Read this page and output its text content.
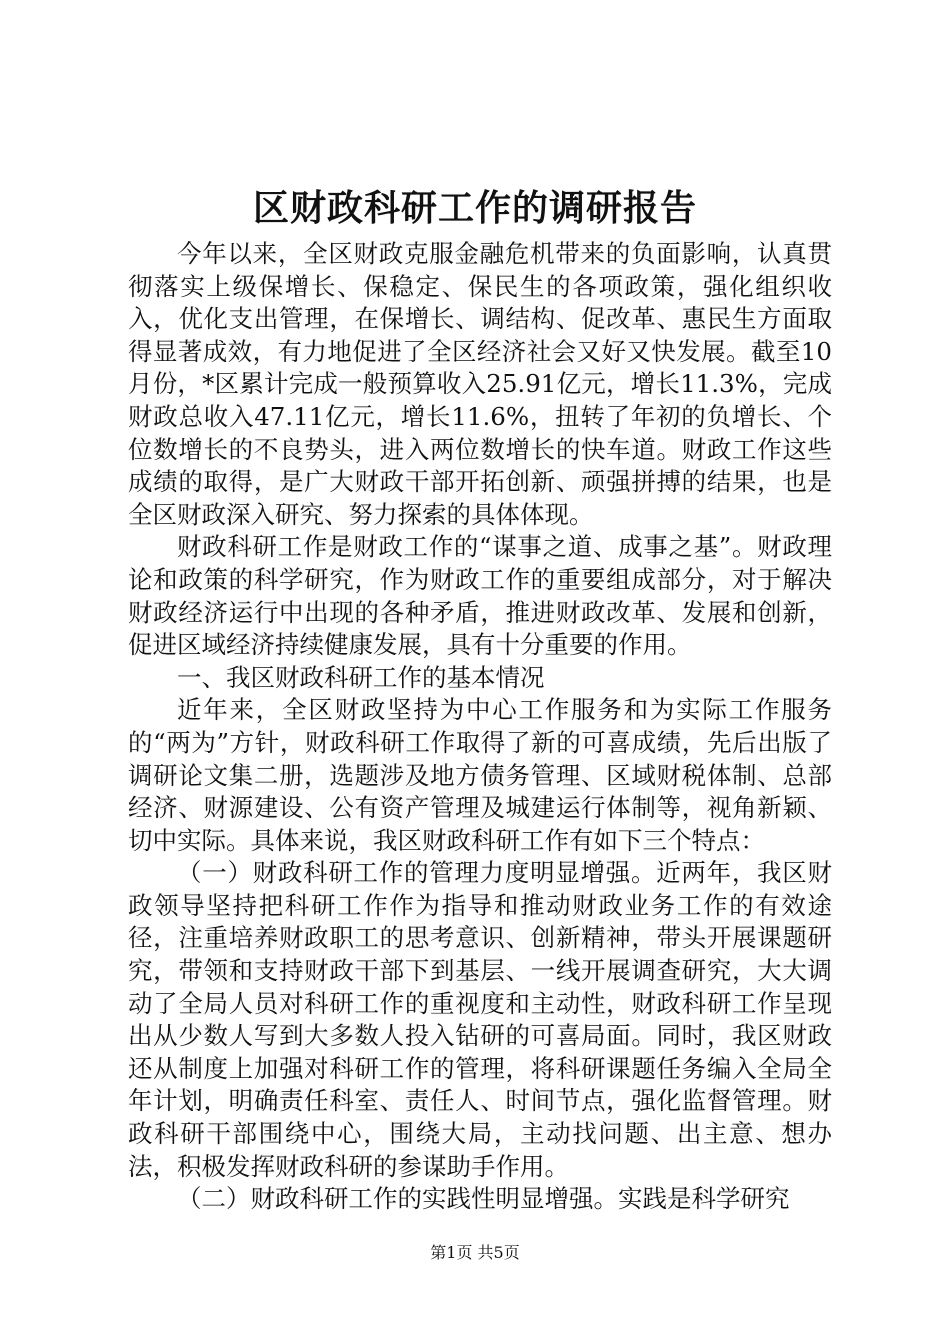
区财政科研工作的调研报告

今年以来，全区财政克服金融危机带来的负面影响，认真贯彻落实上级保增长、保稳定、保民生的各项政策，强化组织收入，优化支出管理，在保增长、调结构、促改革、惠民生方面取得显著成效，有力地促进了全区经济社会又好又快发展。截至10月份，*区累计完成一般预算收入25.91亿元，增长11.3%，完成财政总收入47.11亿元，增长11.6%，扭转了年初的负增长、个位数增长的不良势头，进入两位数增长的快车道。财政工作这些成绩的取得，是广大财政干部开拓创新、顽强拼搏的结果，也是全区财政深入研究、努力探索的具体体现。

财政科研工作是财政工作的“谋事之道、成事之基”。财政理论和政策的科学研究，作为财政工作的重要组成部分，对于解决财政经济运行中出现的各种矛盾，推进财政改革、发展和创新，促进区域经济持续健康发展，具有十分重要的作用。

一、我区财政科研工作的基本情况

近年来，全区财政坚持为中心工作服务和为实际工作服务的“两为”方针，财政科研工作取得了新的可喜成绩，先后出版了调研论文集二册，选题涉及地方债务管理、区域财税体制、总部经济、财源建设、公有资产管理及城建运行体制等，视角新颖、切中实际。具体来说，我区财政科研工作有如下三个特点：

（一）财政科研工作的管理力度明显增强。近两年，我区财政领导坚持把科研工作作为指导和推动财政业务工作的有效途径，注重培养财政职工的思考意识、创新精神，带头开展课题研究，带领和支持财政干部下到基层、一线开展调查研究，大大调动了全局人员对科研工作的重视度和主动性，财政科研工作呈现出从少数人写到大多数人投入钻研的可喜局面。同时，我区财政还从制度上加强对科研工作的管理，将科研课题任务编入全局全年计划，明确责任科室、责任人、时间节点，强化监督管理。财政科研干部围绕中心，围绕大局，主动找问题、出主意、想办法，积极发挥财政科研的参谋助手作用。

（二）财政科研工作的实践性明显增强。实践是科学研究

第1页 共5页
